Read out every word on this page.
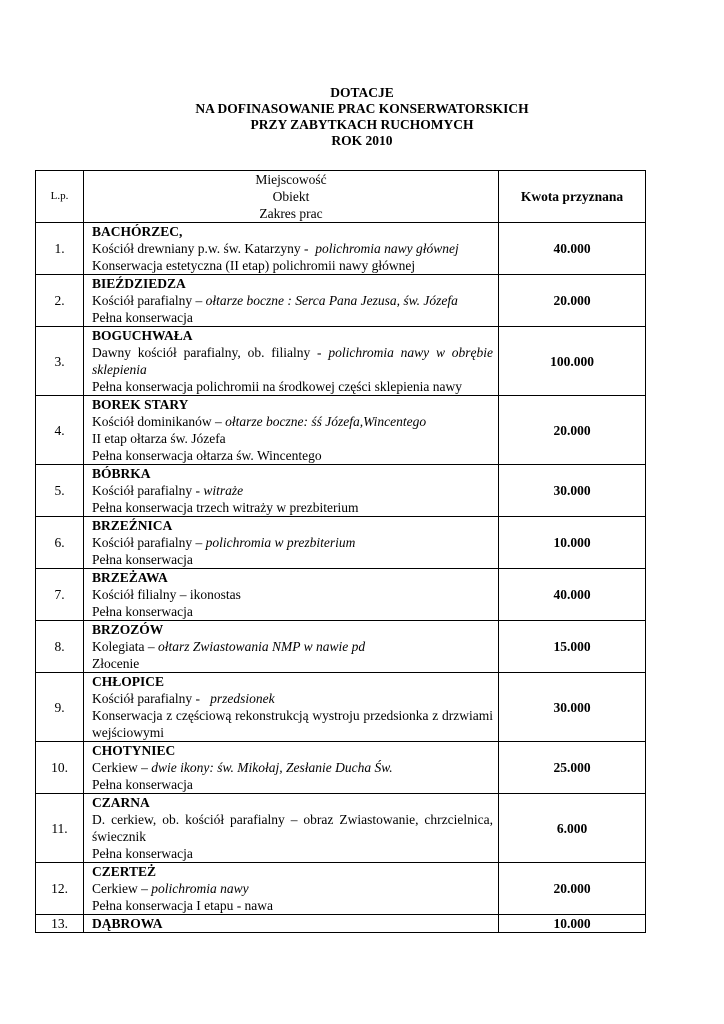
DOTACJE
NA DOFINASOWANIE PRAC KONSERWATORSKICH
PRZY ZABYTKACH RUCHOMYCH
ROK 2010
L.p.	Miejscowość
Obiekt
Zakres prac	Kwota przyznana
1.	BACHÓRZEC,
Kościół drewniany p.w. św. Katarzyny -  polichromia nawy głównej
Konserwacja estetyczna (II etap) polichromii nawy głównej	40.000
2.	BIEŹDZIEDZA
Kościół parafialny – ołtarze boczne : Serca Pana Jezusa, św. Józefa
Pełna konserwacja	20.000
3.	BOGUCHWAŁA
Dawny kościół parafialny, ob. filialny - polichromia nawy w obrębie sklepienia
Pełna konserwacja polichromii na środkowej części sklepienia nawy	100.000
4.	BOREK STARY
Kościół dominikanów – ołtarze boczne: śś Józefa,Wincentego
II etap ołtarza św. Józefa
Pełna konserwacja ołtarza św. Wincentego	20.000
5.	BÓBRKA
Kościół parafialny - witraże
Pełna konserwacja trzech witraży w prezbiterium	30.000
6.	BRZEŹNICA
Kościół parafialny – polichromia w prezbiterium
Pełna konserwacja	10.000
7.	BRZEŻAWA
Kościół filialny – ikonostas
Pełna konserwacja	40.000
8.	BRZOZÓW
Kolegiata – ołtarz Zwiastowania NMP w nawie pd
Złocenie	15.000
9.	CHŁOPICE
Kościół parafialny -   przedsionek
Konserwacja z częściową rekonstrukcją wystroju przedsionka z drzwiami wejściowymi	30.000
10.	CHOTYNIEC
Cerkiew – dwie ikony: św. Mikołaj, Zesłanie Ducha Św.
Pełna konserwacja	25.000
11.	CZARNA
D. cerkiew, ob. kościół parafialny – obraz Zwiastowanie, chrzcielnica, świecznik
Pełna konserwacja	6.000
12.	CZERTEŻ
Cerkiew – polichromia nawy
Pełna konserwacja I etapu - nawa	20.000
13.	DĄBROWA	10.000
